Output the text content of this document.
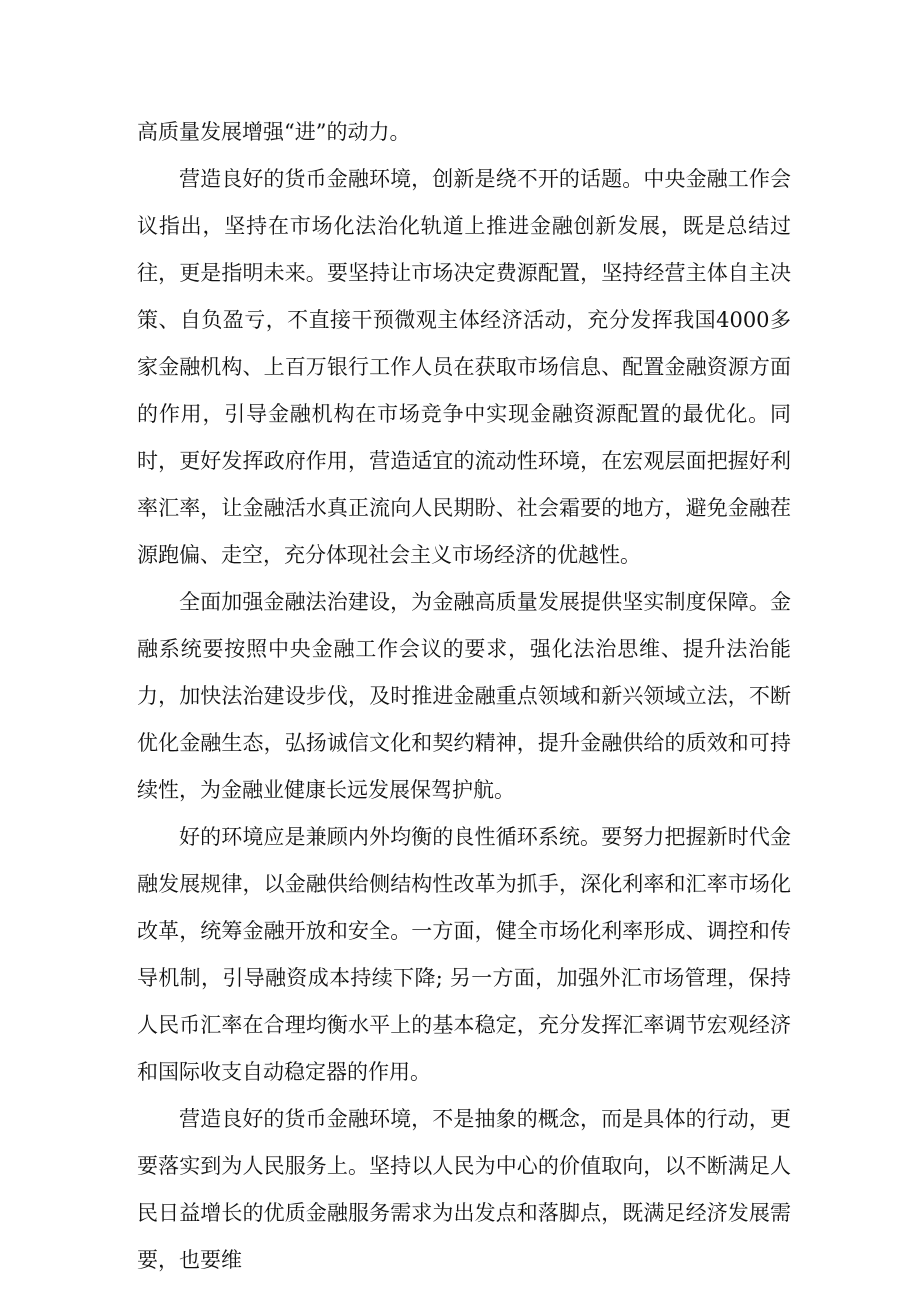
高质量发展增强“进”的动力。

营造良好的货币金融环境，创新是绕不开的话题。中央金融工作会议指出，坚持在市场化法治化轨道上推进金融创新发展，既是总结过往，更是指明未来。要坚持让市场决定费源配置，坚持经营主体自主决策、自负盈亏，不直接干预微观主体经济活动，充分发挥我国4000多家金融机构、上百万银行工作人员在获取市场信息、配置金融资源方面的作用，引导金融机构在市场竞争中实现金融资源配置的最优化。同时，更好发挥政府作用，营造适宜的流动性环境，在宏观层面把握好利率汇率，让金融活水真正流向人民期盼、社会霜要的地方，避免金融茬源跑偏、走空，充分体现社会主义市场经济的优越性。

全面加强金融法治建设，为金融高质量发展提供坚实制度保障。金融系统要按照中央金融工作会议的要求，强化法治思维、提升法治能力，加快法治建设步伐，及时推进金融重点领域和新兴领域立法，不断优化金融生态，弘扬诚信文化和契约精神，提升金融供给的质效和可持续性，为金融业健康长远发展保驾护航。

好的环境应是兼顾内外均衡的良性循环系统。要努力把握新时代金融发展规律，以金融供给侧结构性改革为抓手，深化利率和汇率市场化改革，统筹金融开放和安全。一方面，健全市场化利率形成、调控和传导机制，引导融资成本持续下降; 另一方面，加强外汇市场管理，保持人民币汇率在合理均衡水平上的基本稳定，充分发挥汇率调节宏观经济和国际收支自动稳定器的作用。

营造良好的货币金融环境，不是抽象的概念，而是具体的行动，更要落实到为人民服务上。坚持以人民为中心的价值取向，以不断满足人民日益增长的优质金融服务需求为出发点和落脚点，既满足经济发展需要，也要维
